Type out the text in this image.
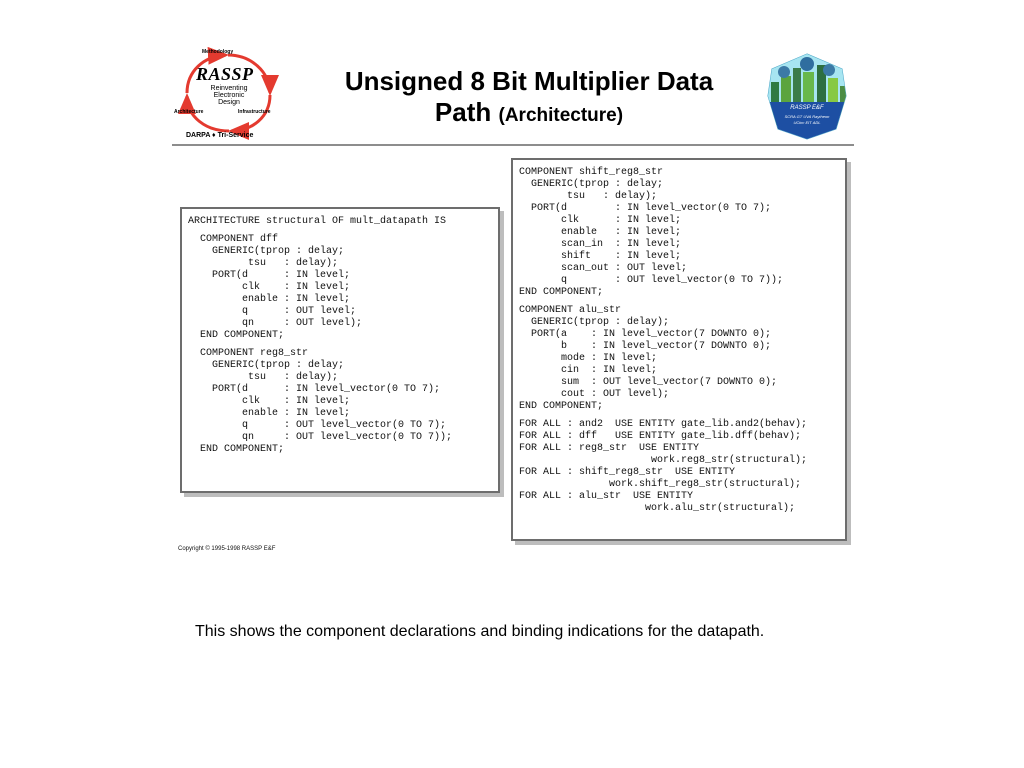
Methodology
RASSP
Reinventing
Electronic
Design
Architecture	Infrastructure
DARPA ♦ Tri-Service
Unsigned 8 Bit Multiplier Data
Path (Architecture)	RASSP E&F
SCRA GT UVA Raytheon
UCinc EIT ADL
ARCHITECTURE structural OF mult_datapath IS
COMPONENT dff
GENERIC(tprop : delay;
tsu   : delay);
PORT(d      : IN level;
clk    : IN level;
enable : IN level;
q      : OUT level;
qn     : OUT level);
END COMPONENT;
COMPONENT reg8_str
GENERIC(tprop : delay;
tsu   : delay);
PORT(d      : IN level_vector(0 TO 7);
clk    : IN level;
enable : IN level;
q      : OUT level_vector(0 TO 7);
qn     : OUT level_vector(0 TO 7));
END COMPONENT;
COMPONENT shift_reg8_str
GENERIC(tprop : delay;
tsu   : delay);
PORT(d        : IN level_vector(0 TO 7);
clk      : IN level;
enable   : IN level;
scan_in  : IN level;
shift    : IN level;
scan_out : OUT level;
q        : OUT level_vector(0 TO 7));
END COMPONENT;
COMPONENT alu_str
GENERIC(tprop : delay);
PORT(a    : IN level_vector(7 DOWNTO 0);
b    : IN level_vector(7 DOWNTO 0);
mode : IN level;
cin  : IN level;
sum  : OUT level_vector(7 DOWNTO 0);
cout : OUT level);
END COMPONENT;
FOR ALL : and2  USE ENTITY gate_lib.and2(behav);
FOR ALL : dff   USE ENTITY gate_lib.dff(behav);
FOR ALL : reg8_str  USE ENTITY
work.reg8_str(structural);
FOR ALL : shift_reg8_str  USE ENTITY
work.shift_reg8_str(structural);
FOR ALL : alu_str  USE ENTITY
work.alu_str(structural);
Copyright © 1995-1998 RASSP E&F
This shows the component declarations and binding indications for the datapath.
